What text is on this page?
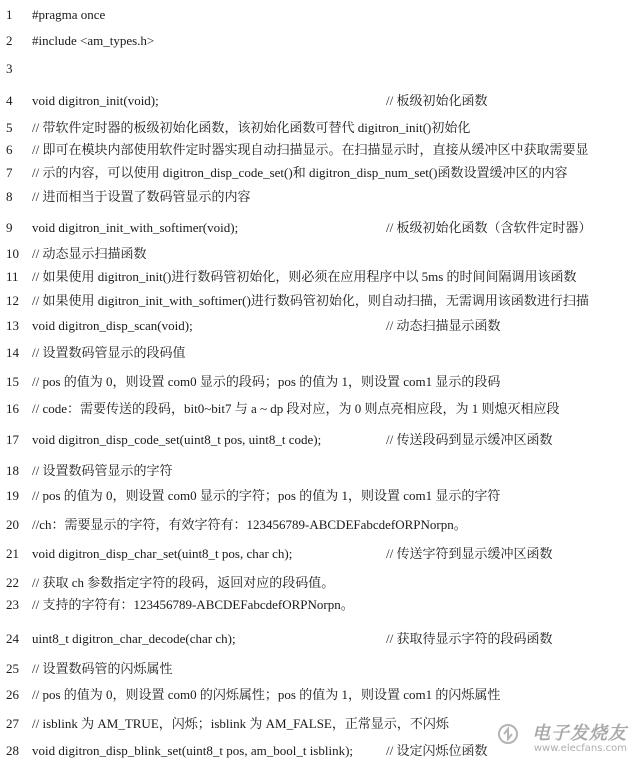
1	#pragma once
2	#include <am_types.h>
3
4	void digitron_init(void);	// 板级初始化函数
5	// 带软件定时器的板级初始化函数，该初始化函数可替代 digitron_init()初始化
6	// 即可在模块内部使用软件定时器实现自动扫描显示。在扫描显示时，直接从缓冲区中获取需要显
7	// 示的内容，可以使用 digitron_disp_code_set()和 digitron_disp_num_set()函数设置缓冲区的内容
8	// 进而相当于设置了数码管显示的内容
9	void digitron_init_with_softimer(void);	// 板级初始化函数（含软件定时器）
10	// 动态显示扫描函数
11	// 如果使用 digitron_init()进行数码管初始化，则必须在应用程序中以 5ms 的时间间隔调用该函数
12	// 如果使用 digitron_init_with_softimer()进行数码管初始化，则自动扫描，无需调用该函数进行扫描
13	void digitron_disp_scan(void);	// 动态扫描显示函数
14	// 设置数码管显示的段码值
15	// pos 的值为 0，则设置 com0 显示的段码；pos 的值为 1，则设置 com1 显示的段码
16	// code：需要传送的段码，bit0~bit7 与 a ~ dp 段对应，为 0 则点亮相应段，为 1 则熄灭相应段
17	void digitron_disp_code_set(uint8_t pos, uint8_t code);	// 传送段码到显示缓冲区函数
18	// 设置数码管显示的字符
19	// pos 的值为 0，则设置 com0 显示的字符；pos 的值为 1，则设置 com1 显示的字符
20	//ch：需要显示的字符，有效字符有：123456789-ABCDEFabcdefORPNorpn。
21	void digitron_disp_char_set(uint8_t pos, char ch);	// 传送字符到显示缓冲区函数
22	// 获取 ch 参数指定字符的段码，返回对应的段码值。
23	// 支持的字符有：123456789-ABCDEFabcdefORPNorpn。
24	uint8_t digitron_char_decode(char ch);	// 获取待显示字符的段码函数
25	// 设置数码管的闪烁属性
26	// pos 的值为 0，则设置 com0 的闪烁属性；pos 的值为 1，则设置 com1 的闪烁属性
27	// isblink 为 AM_TRUE，闪烁；isblink 为 AM_FALSE，正常显示，不闪烁
28	void digitron_disp_blink_set(uint8_t pos, am_bool_t isblink);	// 设定闪烁位函数
电子发烧友
www.elecfans.com
